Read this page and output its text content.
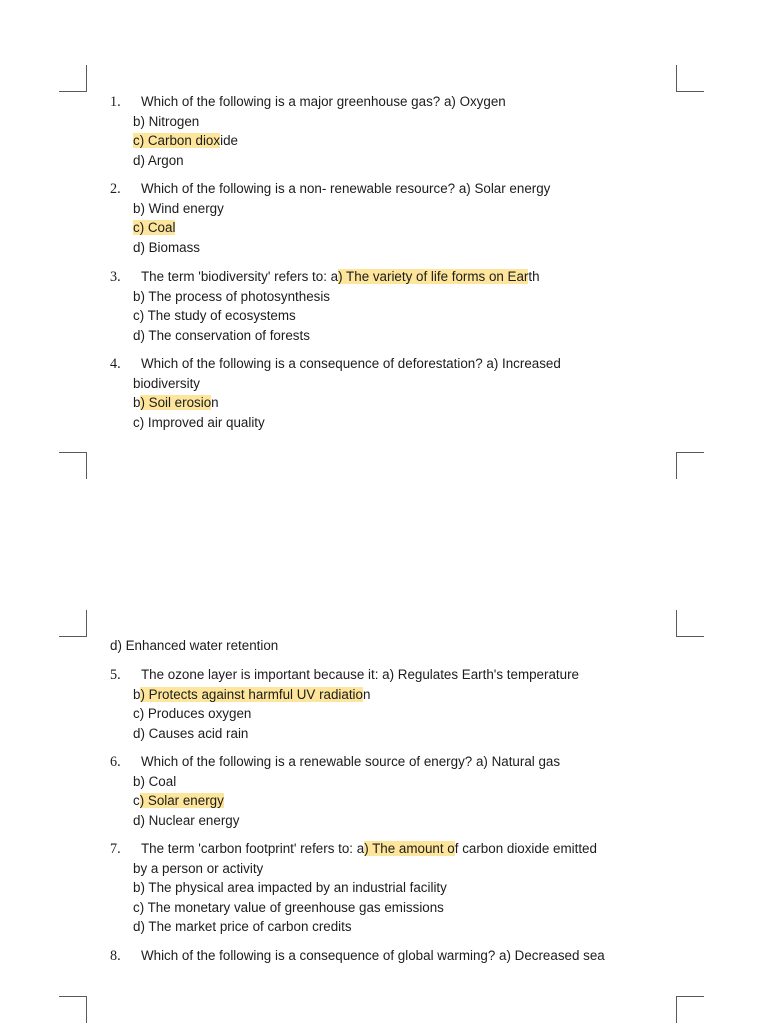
1. Which of the following is a major greenhouse gas? a) Oxygen
b) Nitrogen
c) Carbon dioxide
d) Argon
2. Which of the following is a non- renewable resource? a) Solar energy
b) Wind energy
c) Coal
d) Biomass
3. The term 'biodiversity' refers to: a) The variety of life forms on Earth
b) The process of photosynthesis
c) The study of ecosystems
d) The conservation of forests
4. Which of the following is a consequence of deforestation? a) Increased
biodiversity
b) Soil erosion
c) Improved air quality
d) Enhanced water retention
5. The ozone layer is important because it: a) Regulates Earth's temperature
b) Protects against harmful UV radiation
c) Produces oxygen
d) Causes acid rain
6. Which of the following is a renewable source of energy? a) Natural gas
b) Coal
c) Solar energy
d) Nuclear energy
7. The term 'carbon footprint' refers to: a) The amount of carbon dioxide emitted
by a person or activity
b) The physical area impacted by an industrial facility
c) The monetary value of greenhouse gas emissions
d) The market price of carbon credits
8. Which of the following is a consequence of global warming? a) Decreased sea
